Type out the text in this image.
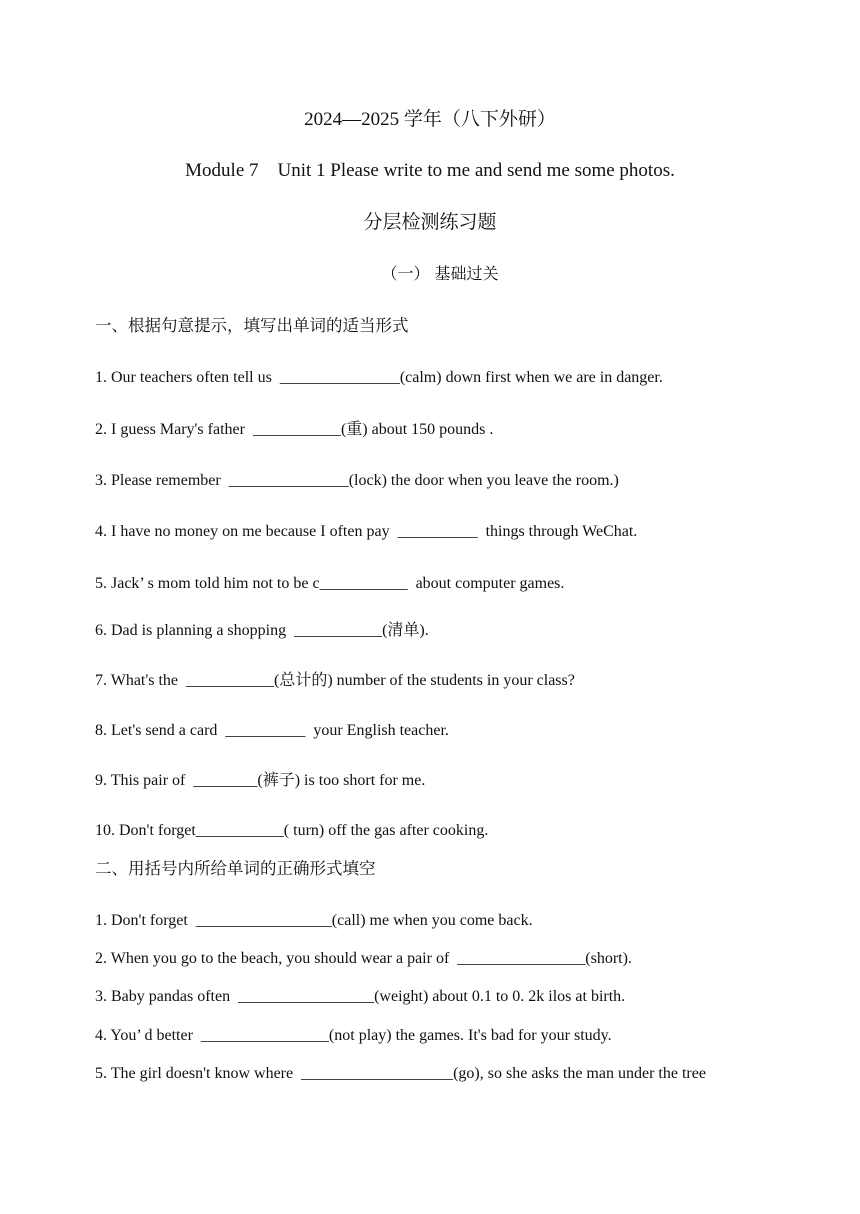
2024—2025 学年（八下外研）
Module 7    Unit 1 Please write to me and send me some photos.
分层检测练习题
（一） 基础过关
一、根据句意提示，填写出单词的适当形式
1. Our teachers often tell us  _______________(calm) down first when we are in danger.
2. I guess Mary's father  ___________(重) about 150 pounds .
3. Please remember  _______________(lock) the door when you leave the room.)
4. I have no money on me because I often pay  __________  things through WeChat.
5. Jack’ s mom told him not to be c___________  about computer games.
6. Dad is planning a shopping  ___________(清单).
7. What's the  ___________(总计的) number of the students in your class?
8. Let's send a card  __________  your English teacher.
9. This pair of  ________(裤子) is too short for me.
10. Don't forget___________( turn) off the gas after cooking.
二、用括号内所给单词的正确形式填空
1. Don't forget  _________________(call) me when you come back.
2. When you go to the beach, you should wear a pair of  ________________(short).
3. Baby pandas often  _________________(weight) about 0.1 to 0. 2k ilos at birth.
4. You’ d better  ________________(not play) the games. It's bad for your study.
5. The girl doesn't know where  ___________________(go), so she asks the man under the tree
